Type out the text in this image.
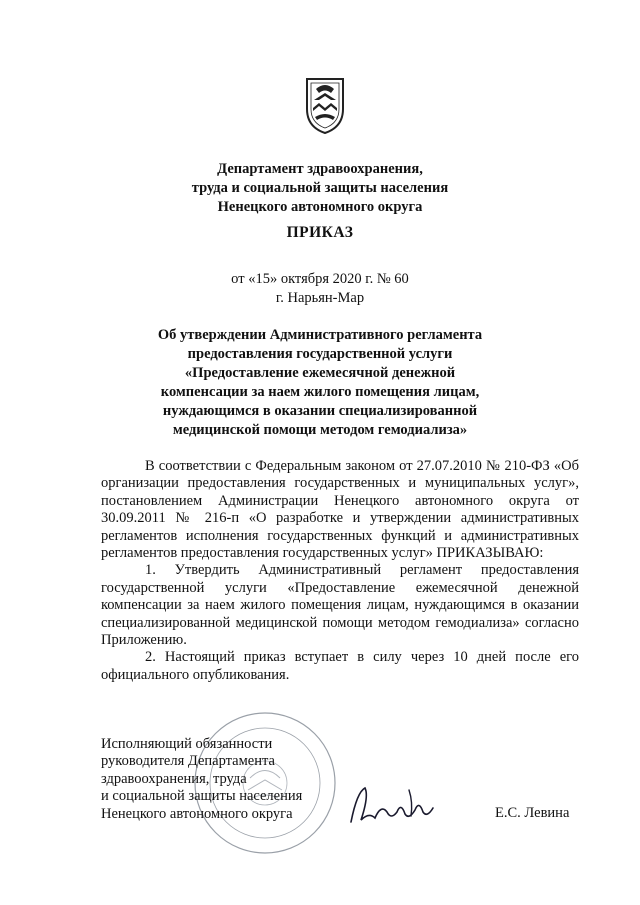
Департамент здравоохранения,
труда и социальной защиты населения
Ненецкого автономного округа
ПРИКАЗ
от «15» октября 2020 г. № 60
г. Нарьян-Мар
Об утверждении Административного регламента
предоставления государственной услуги
«Предоставление ежемесячной денежной
компенсации за наем жилого помещения лицам,
нуждающимся в оказании специализированной
медицинской помощи методом гемодиализа»

В соответствии с Федеральным законом от 27.07.2010 № 210-ФЗ «Об организации предоставления государственных и муниципальных услуг», постановлением Администрации Ненецкого автономного округа от 30.09.2011 № 216-п «О разработке и утверждении административных регламентов исполнения государственных функций и административных регламентов предоставления государственных услуг» ПРИКАЗЫВАЮ:

1. Утвердить Административный регламент предоставления государственной услуги «Предоставление ежемесячной денежной компенсации за наем жилого помещения лицам, нуждающимся в оказании специализированной медицинской помощи методом гемодиализа» согласно Приложению.

2. Настоящий приказ вступает в силу через 10 дней после его официального опубликования.

Исполняющий обязанности
руководителя Департамента
здравоохранения, труда
и социальной защиты населения
Ненецкого автономного округа	Е.С. Левина
